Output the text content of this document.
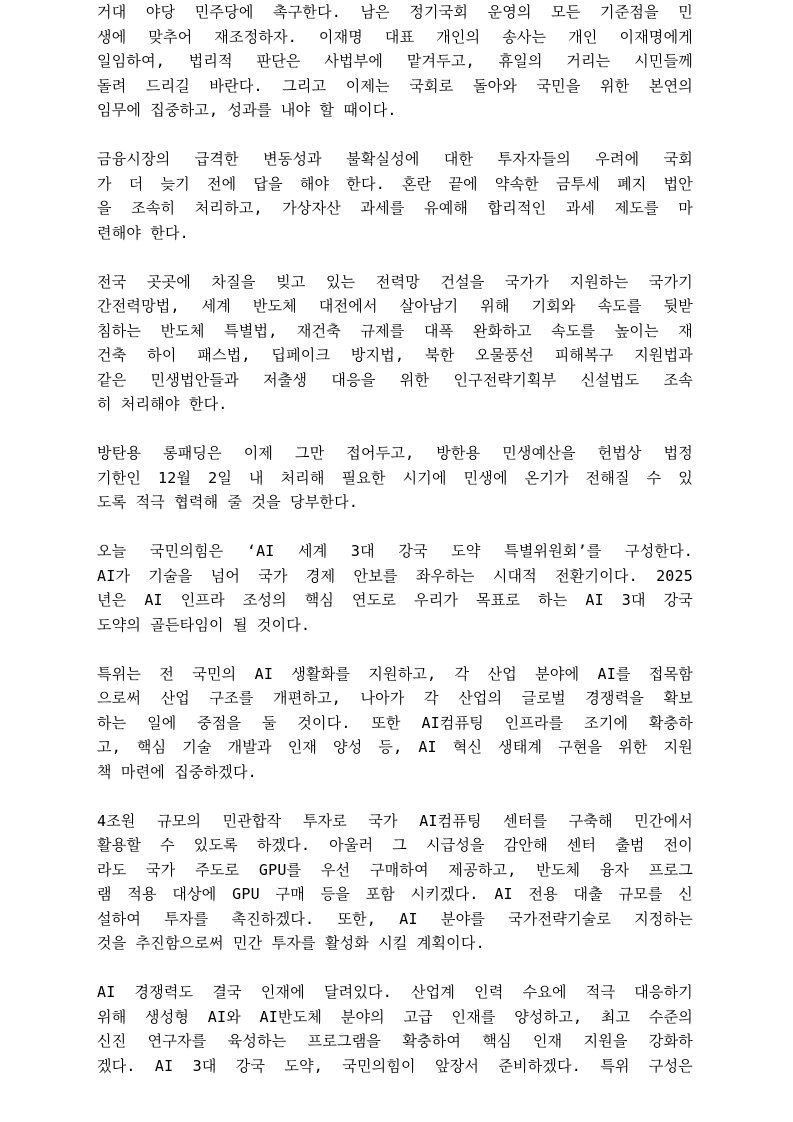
거대 야당 민주당에 촉구한다. 남은 정기국회 운영의 모든 기준점을 민
생에 맞추어 재조정하자. 이재명 대표 개인의 송사는 개인 이재명에게
일임하여, 법리적 판단은 사법부에 맡겨두고, 휴일의 거리는 시민들께
돌려 드리길 바란다. 그리고 이제는 국회로 돌아와 국민을 위한 본연의
임무에 집중하고, 성과를 내야 할 때이다.
금융시장의 급격한 변동성과 불확실성에 대한 투자자들의 우려에 국회
가 더 늦기 전에 답을 해야 한다. 혼란 끝에 약속한 금투세 폐지 법안
을 조속히 처리하고, 가상자산 과세를 유예해 합리적인 과세 제도를 마
련해야 한다.
전국 곳곳에 차질을 빚고 있는 전력망 건설을 국가가 지원하는 국가기
간전력망법, 세계 반도체 대전에서 살아남기 위해 기회와 속도를 뒷받
침하는 반도체 특별법, 재건축 규제를 대폭 완화하고 속도를 높이는 재
건축 하이 패스법, 딥페이크 방지법, 북한 오물풍선 피해복구 지원법과
같은 민생법안들과 저출생 대응을 위한 인구전략기획부 신설법도 조속
히 처리해야 한다.
방탄용 롱패딩은 이제 그만 접어두고, 방한용 민생예산을 헌법상 법정
기한인 12월 2일 내 처리해 필요한 시기에 민생에 온기가 전해질 수 있
도록 적극 협력해 줄 것을 당부한다.
오늘 국민의힘은 ‘AI 세계 3대 강국 도약 특별위원회’를 구성한다.
AI가 기술을 넘어 국가 경제 안보를 좌우하는 시대적 전환기이다. 2025
년은 AI 인프라 조성의 핵심 연도로 우리가 목표로 하는 AI 3대 강국
도약의 골든타임이 될 것이다.
특위는 전 국민의 AI 생활화를 지원하고, 각 산업 분야에 AI를 접목함
으로써 산업 구조를 개편하고, 나아가 각 산업의 글로벌 경쟁력을 확보
하는 일에 중점을 둘 것이다. 또한 AI컴퓨팅 인프라를 조기에 확충하
고, 핵심 기술 개발과 인재 양성 등, AI 혁신 생태계 구현을 위한 지원
책 마련에 집중하겠다.
4조원 규모의 민관합작 투자로 국가 AI컴퓨팅 센터를 구축해 민간에서
활용할 수 있도록 하겠다. 아울러 그 시급성을 감안해 센터 출범 전이
라도 국가 주도로 GPU를 우선 구매하여 제공하고, 반도체 융자 프로그
램 적용 대상에 GPU 구매 등을 포함 시키겠다. AI 전용 대출 규모를 신
설하여 투자를 촉진하겠다. 또한, AI 분야를 국가전략기술로 지정하는
것을 추진함으로써 민간 투자를 활성화 시킬 계획이다.
AI 경쟁력도 결국 인재에 달려있다. 산업계 인력 수요에 적극 대응하기
위해 생성형 AI와 AI반도체 분야의 고급 인재를 양성하고, 최고 수준의
신진 연구자를 육성하는 프로그램을 확충하여 핵심 인재 지원을 강화하
겠다. AI 3대 강국 도약, 국민의힘이 앞장서 준비하겠다. 특위 구성은
